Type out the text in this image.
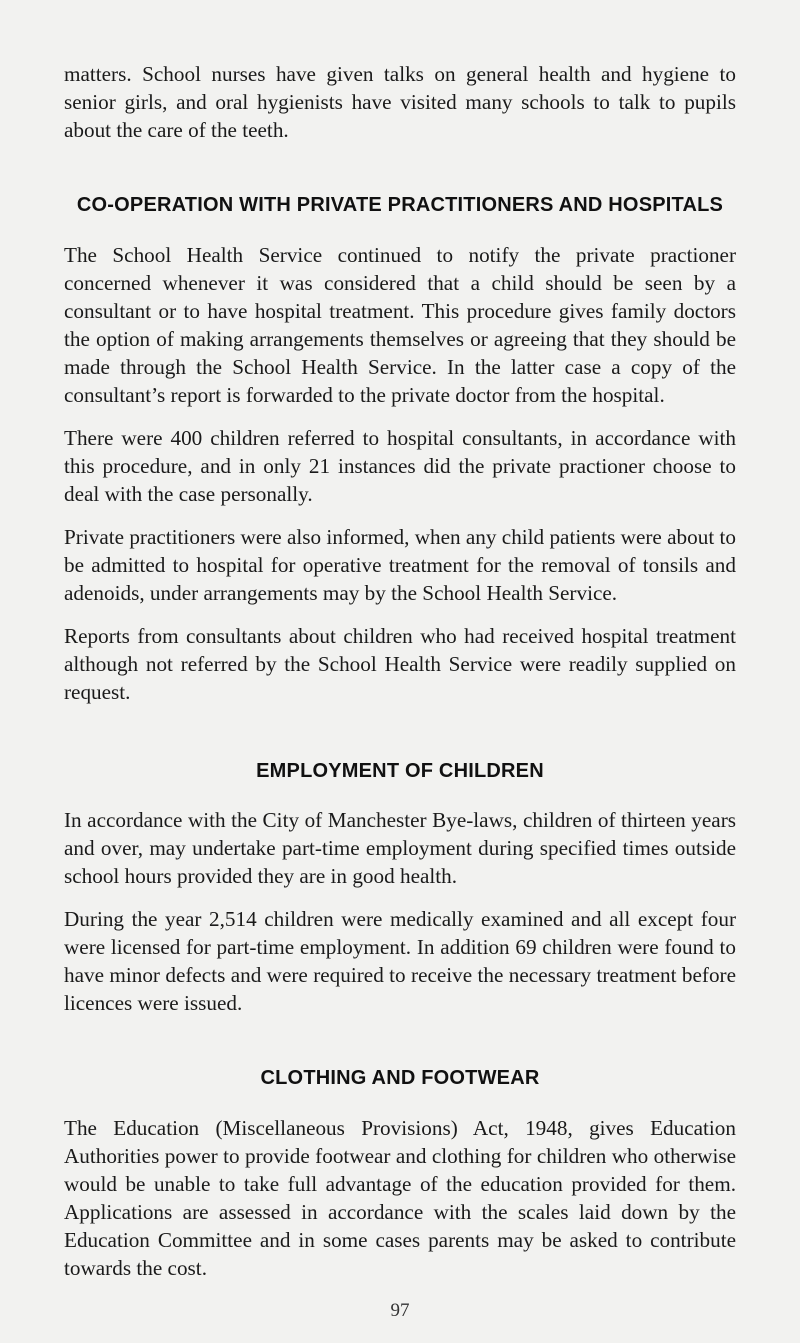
matters. School nurses have given talks on general health and hygiene to senior girls, and oral hygienists have visited many schools to talk to pupils about the care of the teeth.

CO-OPERATION WITH PRIVATE PRACTITIONERS AND HOSPITALS

The School Health Service continued to notify the private practioner concerned whenever it was considered that a child should be seen by a consultant or to have hospital treatment. This procedure gives family doctors the option of making arrangements themselves or agreeing that they should be made through the School Health Service. In the latter case a copy of the consultant’s report is forwarded to the private doctor from the hospital.

There were 400 children referred to hospital consultants, in accordance with this procedure, and in only 21 instances did the private practioner choose to deal with the case personally.

Private practitioners were also informed, when any child patients were about to be admitted to hospital for operative treatment for the removal of tonsils and adenoids, under arrangements may by the School Health Service.

Reports from consultants about children who had received hospital treatment although not referred by the School Health Service were readily supplied on request.

EMPLOYMENT OF CHILDREN

In accordance with the City of Manchester Bye-laws, children of thirteen years and over, may undertake part-time employment during specified times outside school hours provided they are in good health.

During the year 2,514 children were medically examined and all except four were licensed for part-time employment. In addition 69 children were found to have minor defects and were required to receive the necessary treatment before licences were issued.

CLOTHING AND FOOTWEAR

The Education (Miscellaneous Provisions) Act, 1948, gives Education Authorities power to provide footwear and clothing for children who otherwise would be unable to take full advantage of the education provided for them. Applications are assessed in accordance with the scales laid down by the Education Committee and in some cases parents may be asked to contribute towards the cost.

97
